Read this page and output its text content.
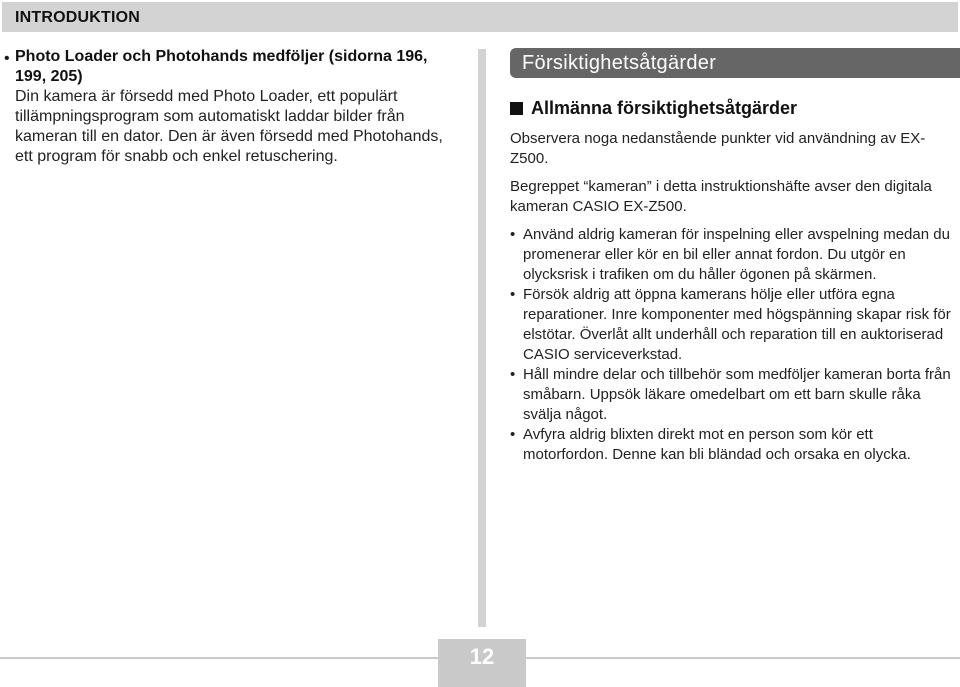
INTRODUKTION
• Photo Loader och Photohands medföljer (sidorna 196, 199, 205)
Din kamera är försedd med Photo Loader, ett populärt tillämpningsprogram som automatiskt laddar bilder från kameran till en dator. Den är även försedd med Photohands, ett program för snabb och enkel retuschering.
Försiktighetsåtgärder
Allmänna försiktighetsåtgärder

Observera noga nedanstående punkter vid användning av EX-Z500.

Begreppet “kameran” i detta instruktionshäfte avser den digitala kameran CASIO EX-Z500.

• Använd aldrig kameran för inspelning eller avspelning medan du promenerar eller kör en bil eller annat fordon. Du utgör en olycksrisk i trafiken om du håller ögonen på skärmen.
• Försök aldrig att öppna kamerans hölje eller utföra egna reparationer. Inre komponenter med högspänning skapar risk för elstötar. Överlåt allt underhåll och reparation till en auktoriserad CASIO serviceverkstad.
• Håll mindre delar och tillbehör som medföljer kameran borta från småbarn. Uppsök läkare omedelbart om ett barn skulle råka svälja något.
• Avfyra aldrig blixten direkt mot en person som kör ett motorfordon. Denne kan bli bländad och orsaka en olycka.
12
